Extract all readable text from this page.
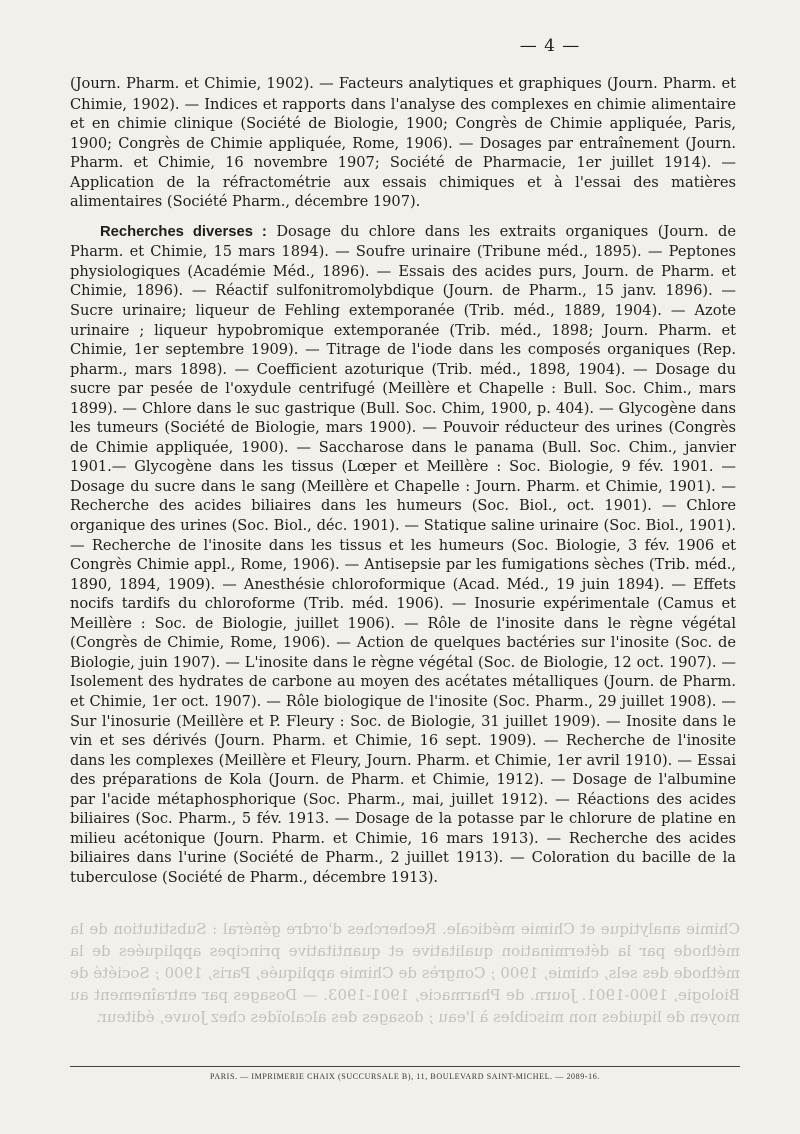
— 4 —

(Journ. Pharm. et Chimie, 1902). — Facteurs analytiques et graphiques (Journ. Pharm. et Chimie, 1902). — Indices et rapports dans l'analyse des complexes en chimie alimentaire et en chimie clinique (Société de Biologie, 1900; Congrès de Chimie appliquée, Paris, 1900; Congrès de Chimie appliquée, Rome, 1906). — Dosages par entraînement (Journ. Pharm. et Chimie, 16 novembre 1907; Société de Pharmacie, 1er juillet 1914). — Application de la réfractométrie aux essais chimiques et à l'essai des matières alimentaires (Société Pharm., décembre 1907).

Recherches diverses : Dosage du chlore dans les extraits organiques (Journ. de Pharm. et Chimie, 15 mars 1894). — Soufre urinaire (Tribune méd., 1895). — Peptones physiologiques (Académie Méd., 1896). — Essais des acides purs, Journ. de Pharm. et Chimie, 1896). — Réactif sulfonitromolybdique (Journ. de Pharm., 15 janv. 1896). — Sucre urinaire; liqueur de Fehling extemporanée (Trib. méd., 1889, 1904). — Azote urinaire ; liqueur hypobromique extemporanée (Trib. méd., 1898; Journ. Pharm. et Chimie, 1er septembre 1909). — Titrage de l'iode dans les composés organiques (Rep. pharm., mars 1898). — Coefficient azoturique (Trib. méd., 1898, 1904). — Dosage du sucre par pesée de l'oxydule centrifugé (Meillère et Chapelle : Bull. Soc. Chim., mars 1899). — Chlore dans le suc gastrique (Bull. Soc. Chim, 1900, p. 404). — Glycogène dans les tumeurs (Société de Biologie, mars 1900). — Pouvoir réducteur des urines (Congrès de Chimie appliquée, 1900). — Saccharose dans le panama (Bull. Soc. Chim., janvier 1901.— Glycogène dans les tissus (Lœper et Meillère : Soc. Biologie, 9 fév. 1901. — Dosage du sucre dans le sang (Meillère et Chapelle : Journ. Pharm. et Chimie, 1901). — Recherche des acides biliaires dans les humeurs (Soc. Biol., oct. 1901). — Chlore organique des urines (Soc. Biol., déc. 1901). — Statique saline urinaire (Soc. Biol., 1901). — Recherche de l'inosite dans les tissus et les humeurs (Soc. Biologie, 3 fév. 1906 et Congrès Chimie appl., Rome, 1906). — Antisepsie par les fumigations sèches (Trib. méd., 1890, 1894, 1909). — Anesthésie chloroformique (Acad. Méd., 19 juin 1894). — Effets nocifs tardifs du chloroforme (Trib. méd. 1906). — Inosurie expérimentale (Camus et Meillère : Soc. de Biologie, juillet 1906). — Rôle de l'inosite dans le règne végétal (Congrès de Chimie, Rome, 1906). — Action de quelques bactéries sur l'inosite (Soc. de Biologie, juin 1907). — L'inosite dans le règne végétal (Soc. de Biologie, 12 oct. 1907). — Isolement des hydrates de carbone au moyen des acétates métalliques (Journ. de Pharm. et Chimie, 1er oct. 1907). — Rôle biologique de l'inosite (Soc. Pharm., 29 juillet 1908). — Sur l'inosurie (Meillère et P. Fleury : Soc. de Biologie, 31 juillet 1909). — Inosite dans le vin et ses dérivés (Journ. Pharm. et Chimie, 16 sept. 1909). — Recherche de l'inosite dans les complexes (Meillère et Fleury, Journ. Pharm. et Chimie, 1er avril 1910). — Essai des préparations de Kola (Journ. de Pharm. et Chimie, 1912). — Dosage de l'albumine par l'acide métaphosphorique (Soc. Pharm., mai, juillet 1912). — Réactions des acides biliaires (Soc. Pharm., 5 fév. 1913. — Dosage de la potasse par le chlorure de platine en milieu acétonique (Journ. Pharm. et Chimie, 16 mars 1913). — Recherche des acides biliaires dans l'urine (Société de Pharm., 2 juillet 1913). — Coloration du bacille de la tuberculose (Société de Pharm., décembre 1913).

Chimie analytique et Chimie médicale. Recherches d'ordre général : Substitution de la méthode par la détermination qualitative et quantitative principes appliquées de la méthode des sels, chimie, 1900 ; Congrès de Chimie appliquée, Paris, 1900 ; Société de Biologie, 1900-1901. Journ. de Pharmacie, 1901-1903. — Dosages par entraînement au moyen de liquides non miscibles à l'eau ; dosages des alcaloïdes chez Jouve, éditeur.
PARIS. — IMPRIMERIE CHAIX (SUCCURSALE B), 11, BOULEVARD SAINT-MICHEL. — 2089-16.
